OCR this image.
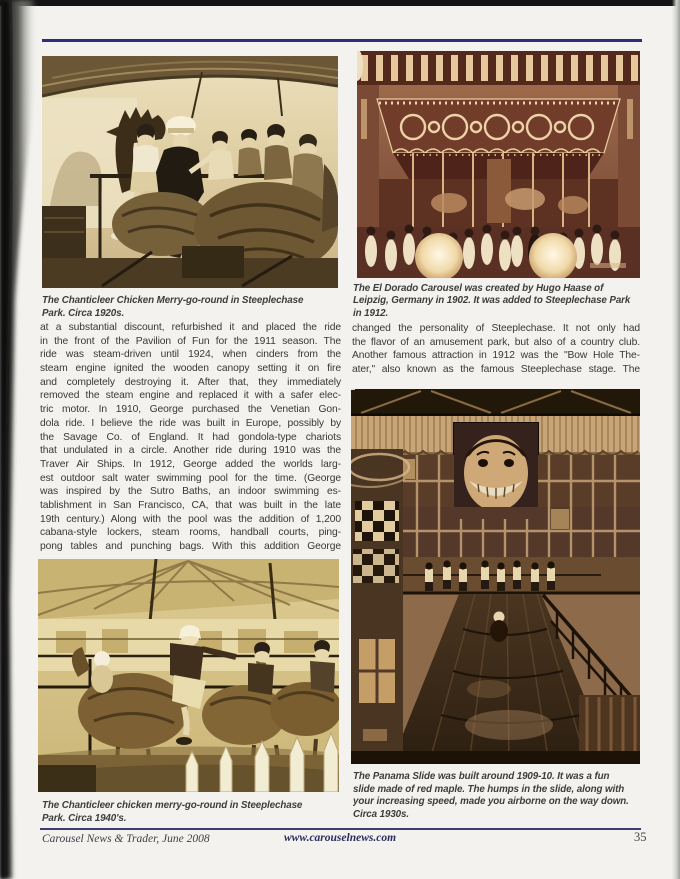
The Chanticleer Chicken Merry-go-round in Steeplechase
Park. Circa 1920s.
The El Dorado Carousel was created by Hugo Haase of
Leipzig, Germany in 1902. It was added to Steeplechase Park
in 1912.
The Chanticleer chicken merry-go-round in Steeplechase
Park. Circa 1940's.
The Panama Slide was built around 1909-10. It was a fun
slide made of red maple. The humps in the slide, along with
your increasing speed, made you airborne on the way down.
Circa 1930s.
at a substantial discount, refurbished it and placed the ride
in the front of the Pavilion of Fun for the 1911 season. The
ride was steam-driven until 1924, when cinders from the
steam engine ignited the wooden canopy setting it on fire
and completely destroying it. After that, they immediately
removed the steam engine and replaced it with a safer elec-
tric motor. In 1910, George purchased the Venetian Gon-
dola ride. I believe the ride was built in Europe, possibly by
the Savage Co. of England. It had gondola-type chariots
that undulated in a circle. Another ride during 1910 was the
Traver Air Ships. In 1912, George added the worlds larg-
est outdoor salt water swimming pool for the time. (George
was inspired by the Sutro Baths, an indoor swimming es-
tablishment in San Francisco, CA, that was built in the late
19th century.) Along with the pool was the addition of 1,200
cabana-style lockers, steam rooms, handball courts, ping-
pong tables and punching bags. With this addition George
changed the personality of Steeplechase. It not only had
the flavor of an amusement park, but also of a country club.
Another famous attraction in 1912 was the "Bow Hole The-
ater," also known as the famous Steeplechase stage. The
Carousel News & Trader, June 2008	www.carouselnews.com	35
